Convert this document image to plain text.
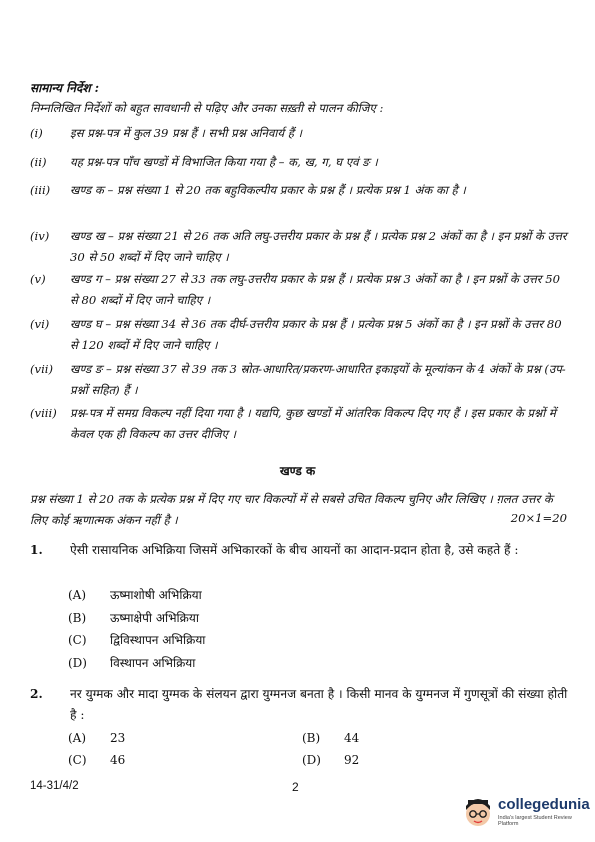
सामान्य निर्देश :
निम्नलिखित निर्देशों को बहुत सावधानी से पढ़िए और उनका सख़्ती से पालन कीजिए :
(i)	इस प्रश्न-पत्र में कुल 39 प्रश्न हैं । सभी प्रश्न अनिवार्य हैं ।
(ii)	यह प्रश्न-पत्र पाँच खण्डों में विभाजित किया गया है – क, ख, ग, घ एवं ङ ।
(iii)	खण्ड क – प्रश्न संख्या 1 से 20 तक बहुविकल्पीय प्रकार के प्रश्न हैं । प्रत्येक प्रश्न 1 अंक का है ।
(iv)	खण्ड ख – प्रश्न संख्या 21 से 26 तक अति लघु-उत्तरीय प्रकार के प्रश्न हैं । प्रत्येक प्रश्न 2 अंकों का है । इन प्रश्नों के उत्तर 30 से 50 शब्दों में दिए जाने चाहिए ।
(v)	खण्ड ग – प्रश्न संख्या 27 से 33 तक लघु-उत्तरीय प्रकार के प्रश्न हैं । प्रत्येक प्रश्न 3 अंकों का है । इन प्रश्नों के उत्तर 50 से 80 शब्दों में दिए जाने चाहिए ।
(vi)	खण्ड घ – प्रश्न संख्या 34 से 36 तक दीर्घ-उत्तरीय प्रकार के प्रश्न हैं । प्रत्येक प्रश्न 5 अंकों का है । इन प्रश्नों के उत्तर 80 से 120 शब्दों में दिए जाने चाहिए ।
(vii)	खण्ड ङ – प्रश्न संख्या 37 से 39 तक 3 स्रोत-आधारित/प्रकरण-आधारित इकाइयों के मूल्यांकन के 4 अंकों के प्रश्न (उप-प्रश्नों सहित) हैं ।
(viii)	प्रश्न-पत्र में समग्र विकल्प नहीं दिया गया है । यद्यपि, कुछ खण्डों में आंतरिक विकल्प दिए गए हैं । इस प्रकार के प्रश्नों में केवल एक ही विकल्प का उत्तर दीजिए ।
खण्ड क
प्रश्न संख्या 1 से 20 तक के प्रत्येक प्रश्न में दिए गए चार विकल्पों में से सबसे उचित विकल्प चुनिए और लिखिए । ग़लत उत्तर के लिए कोई ऋणात्मक अंकन नहीं है ।	20×1=20
1. ऐसी रासायनिक अभिक्रिया जिसमें अभिकारकों के बीच आयनों का आदान-प्रदान होता है, उसे कहते हैं :
(A) ऊष्माशोषी अभिक्रिया
(B) ऊष्माक्षेपी अभिक्रिया
(C) द्विविस्थापन अभिक्रिया
(D) विस्थापन अभिक्रिया
2. नर युग्मक और मादा युग्मक के संलयन द्वारा युग्मनज बनता है । किसी मानव के युग्मनज में गुणसूत्रों की संख्या होती है :
(A) 23	(B) 44
(C) 46	(D) 92
14-31/4/2	2
collegedunia
India's largest Student Review Platform
